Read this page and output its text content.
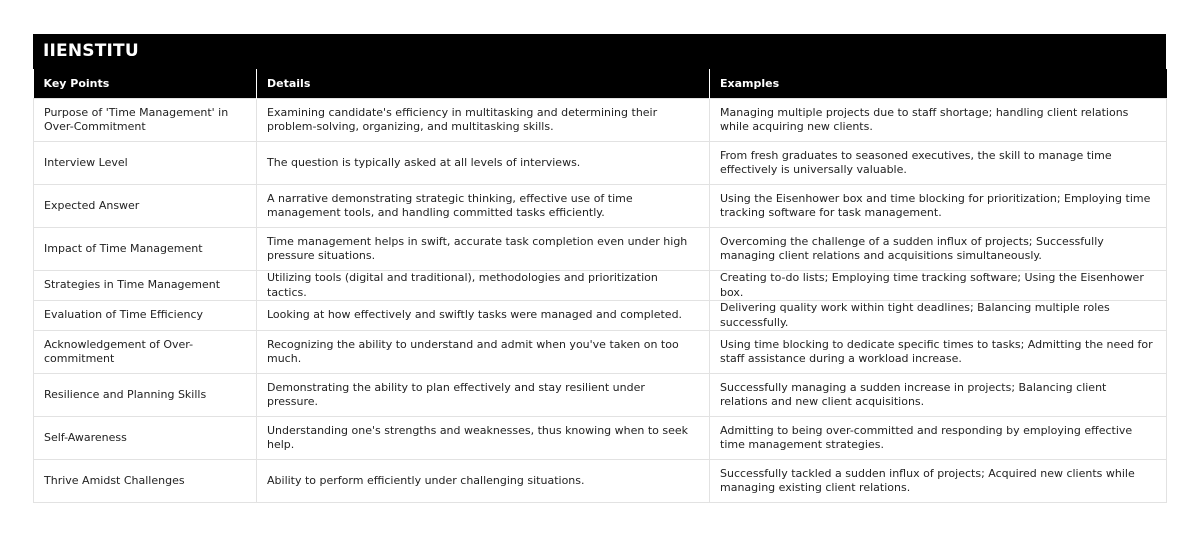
IIENSTITU
Key Points	Details	Examples
Purpose of 'Time Management' in Over-Commitment	Examining candidate's efficiency in multitasking and determining their problem-solving, organizing, and multitasking skills.	Managing multiple projects due to staff shortage; handling client relations while acquiring new clients.
Interview Level	The question is typically asked at all levels of interviews.	From fresh graduates to seasoned executives, the skill to manage time effectively is universally valuable.
Expected Answer	A narrative demonstrating strategic thinking, effective use of time management tools, and handling committed tasks efficiently.	Using the Eisenhower box and time blocking for prioritization; Employing time tracking software for task management.
Impact of Time Management	Time management helps in swift, accurate task completion even under high pressure situations.	Overcoming the challenge of a sudden influx of projects; Successfully managing client relations and acquisitions simultaneously.
Strategies in Time Management	Utilizing tools (digital and traditional), methodologies and prioritization tactics.	Creating to-do lists; Employing time tracking software; Using the Eisenhower box.
Evaluation of Time Efficiency	Looking at how effectively and swiftly tasks were managed and completed.	Delivering quality work within tight deadlines; Balancing multiple roles successfully.
Acknowledgement of Over-commitment	Recognizing the ability to understand and admit when you've taken on too much.	Using time blocking to dedicate specific times to tasks; Admitting the need for staff assistance during a workload increase.
Resilience and Planning Skills	Demonstrating the ability to plan effectively and stay resilient under pressure.	Successfully managing a sudden increase in projects; Balancing client relations and new client acquisitions.
Self-Awareness	Understanding one's strengths and weaknesses, thus knowing when to seek help.	Admitting to being over-committed and responding by employing effective time management strategies.
Thrive Amidst Challenges	Ability to perform efficiently under challenging situations.	Successfully tackled a sudden influx of projects; Acquired new clients while managing existing client relations.
